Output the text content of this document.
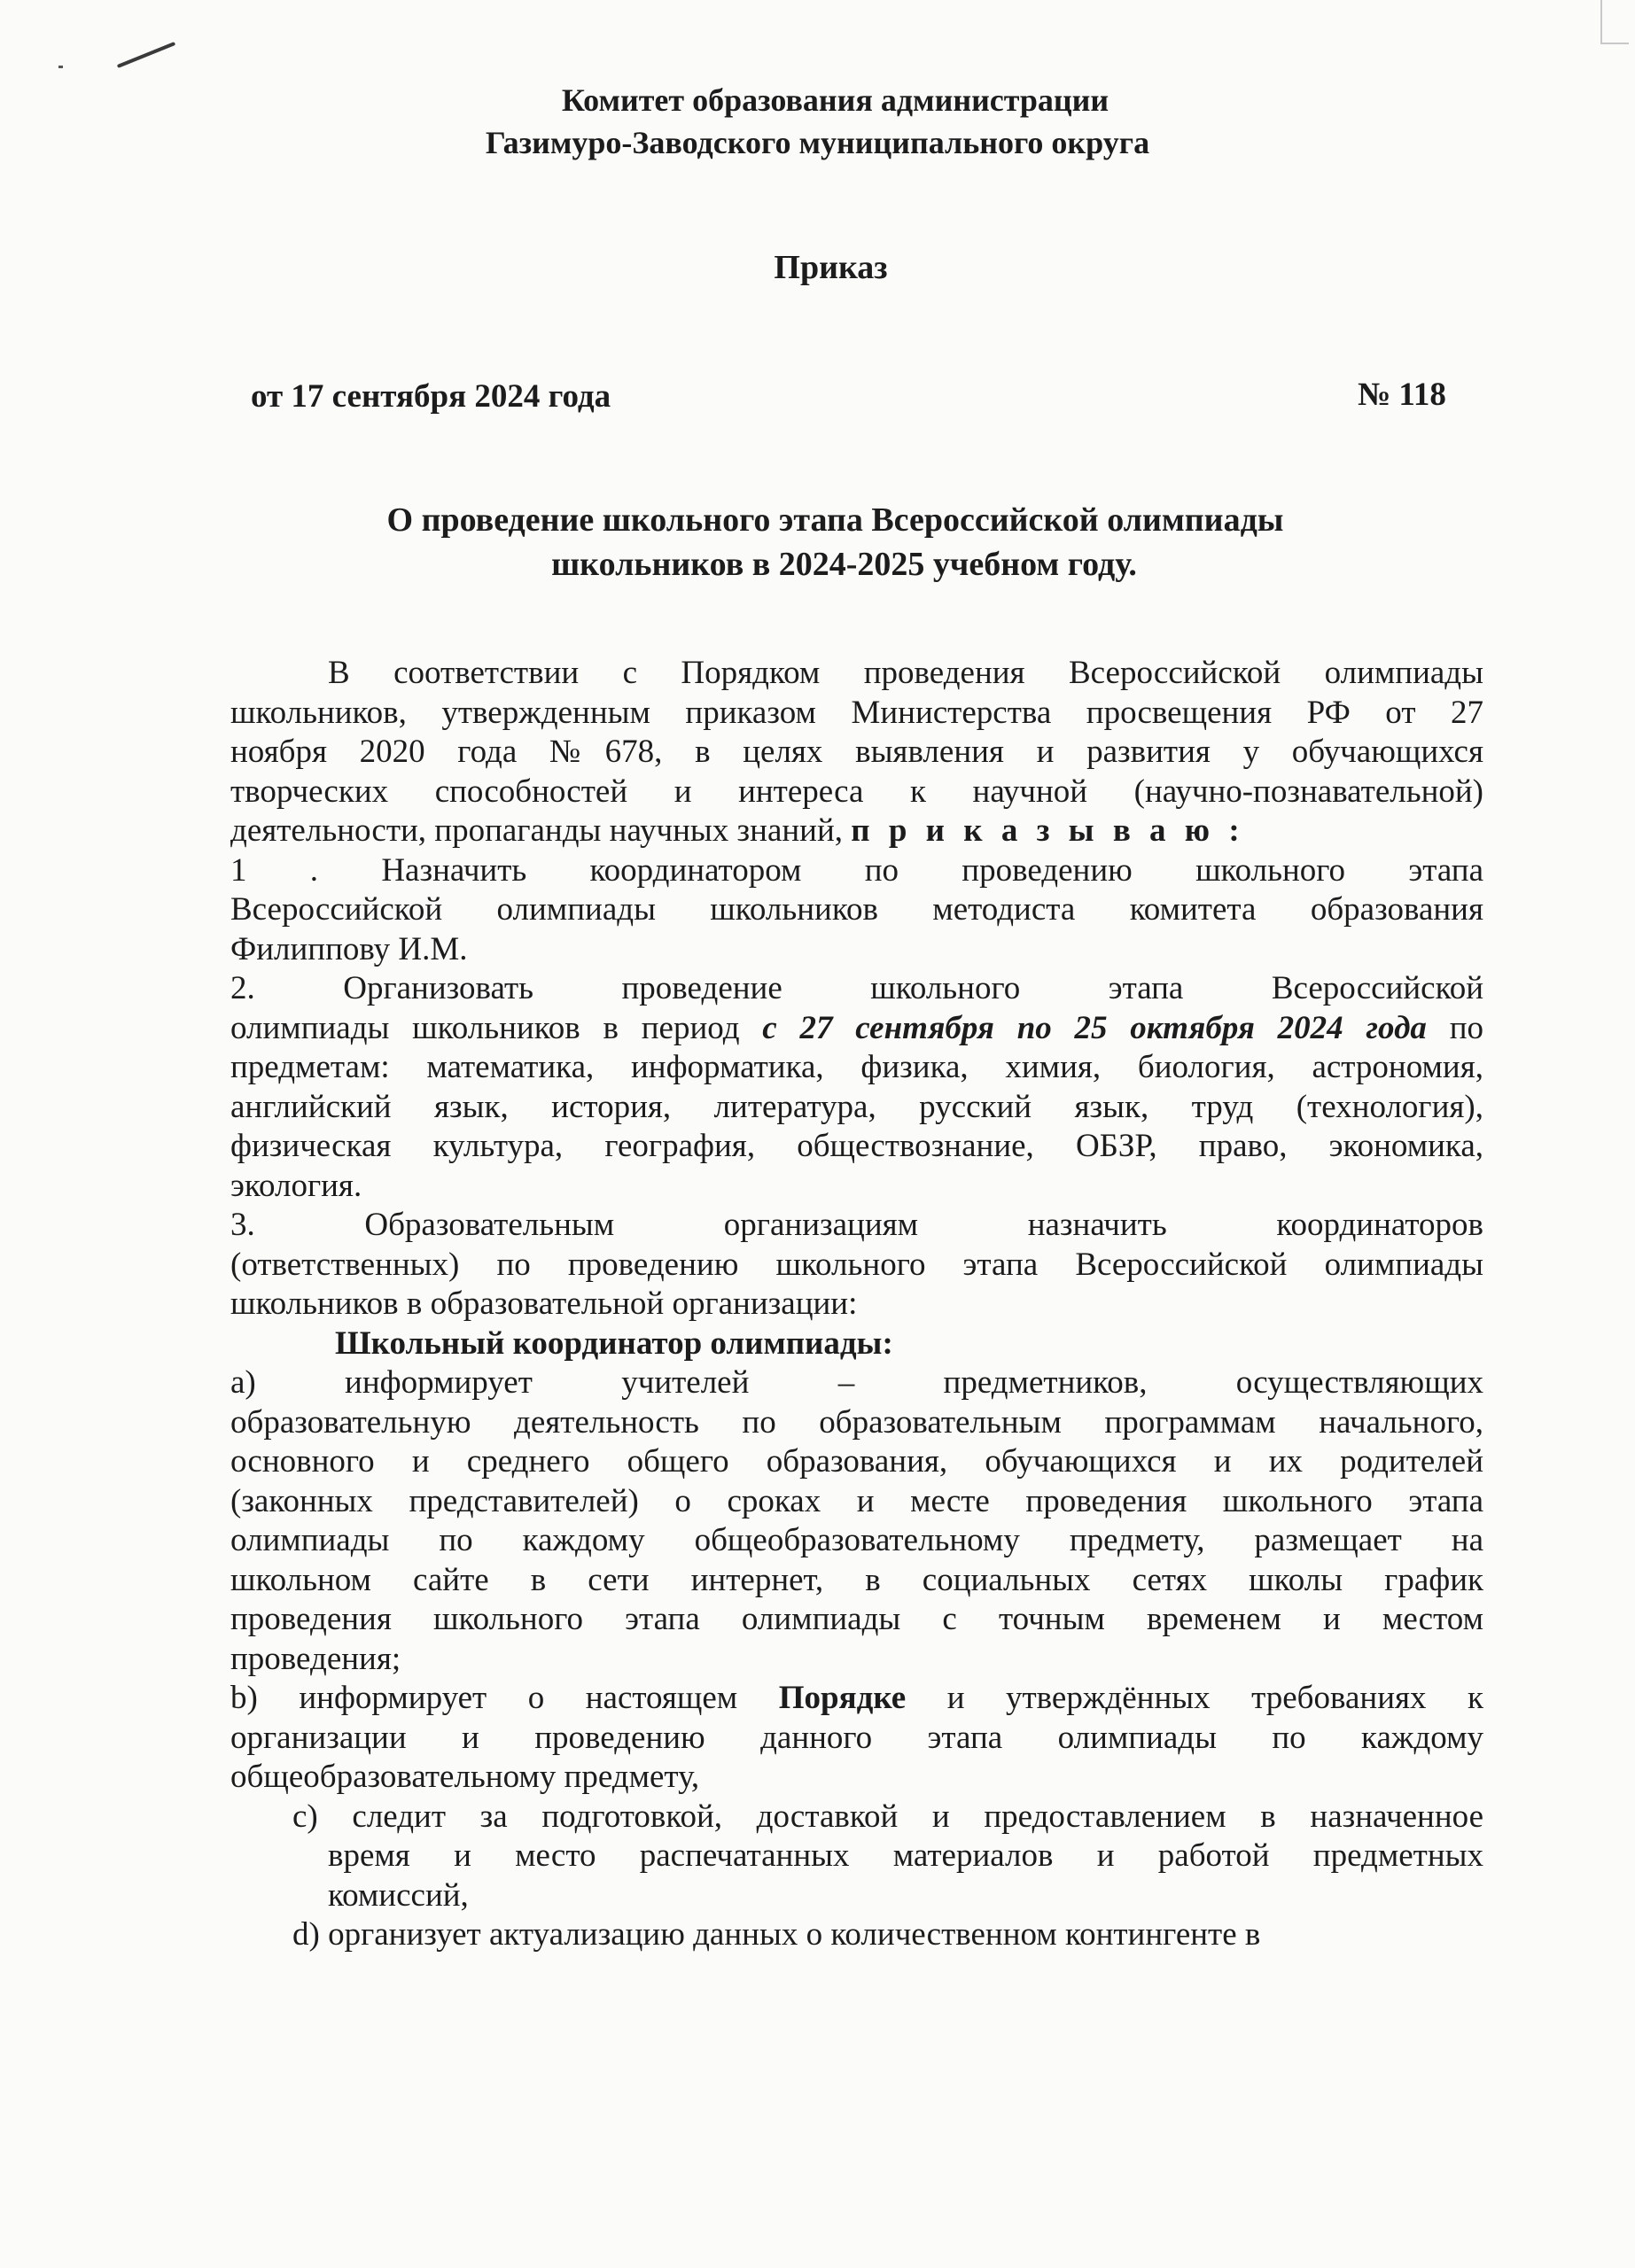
Комитет образования администрации
Газимуро-Заводского муниципального округа
Приказ
от 17 сентября 2024 года	№ 118
О проведение школьного этапа Всероссийской олимпиады
школьников в 2024-2025 учебном году.
В соответствии с Порядком проведения Всероссийской олимпиады
школьников, утвержденным приказом Министерства просвещения РФ от 27
ноября 2020 года №678, в целях выявления и развития у обучающихся
творческих способностей и интереса к научной (научно-познавательной)
деятельности, пропаганды научных знаний, п р и к а з ы в а ю :
1 . Назначить координатором по проведению школьного этапа
Всероссийской олимпиады школьников методиста комитета образования
Филиппову И.М.
2. Организовать проведение школьного этапа Всероссийской
олимпиады школьников в период с 27 сентября по 25 октября 2024 года по
предметам: математика, информатика, физика, химия, биология, астрономия,
английский язык, история, литература, русский язык, труд (технология),
физическая культура, география, обществознание, ОБЗР, право, экономика,
экология.
3. Образовательным организациям назначить координаторов
(ответственных) по проведению школьного этапа Всероссийской олимпиады
школьников в образовательной организации:
Школьный координатор олимпиады:
а) информирует учителей – предметников, осуществляющих
образовательную деятельность по образовательным программам начального,
основного и среднего общего образования, обучающихся и их родителей
(законных представителей) о сроках и месте проведения школьного этапа
олимпиады по каждому общеобразовательному предмету, размещает на
школьном сайте в сети интернет, в социальных сетях школы график
проведения школьного этапа олимпиады с точным временем и местом
проведения;
b) информирует о настоящем Порядке и утверждённых требованиях к
организации и проведению данного этапа олимпиады по каждому
общеобразовательному предмету,
c) следит за подготовкой, доставкой и предоставлением в назначенное
время и место распечатанных материалов и работой предметных
комиссий,
d) организует актуализацию данных о количественном контингенте в
